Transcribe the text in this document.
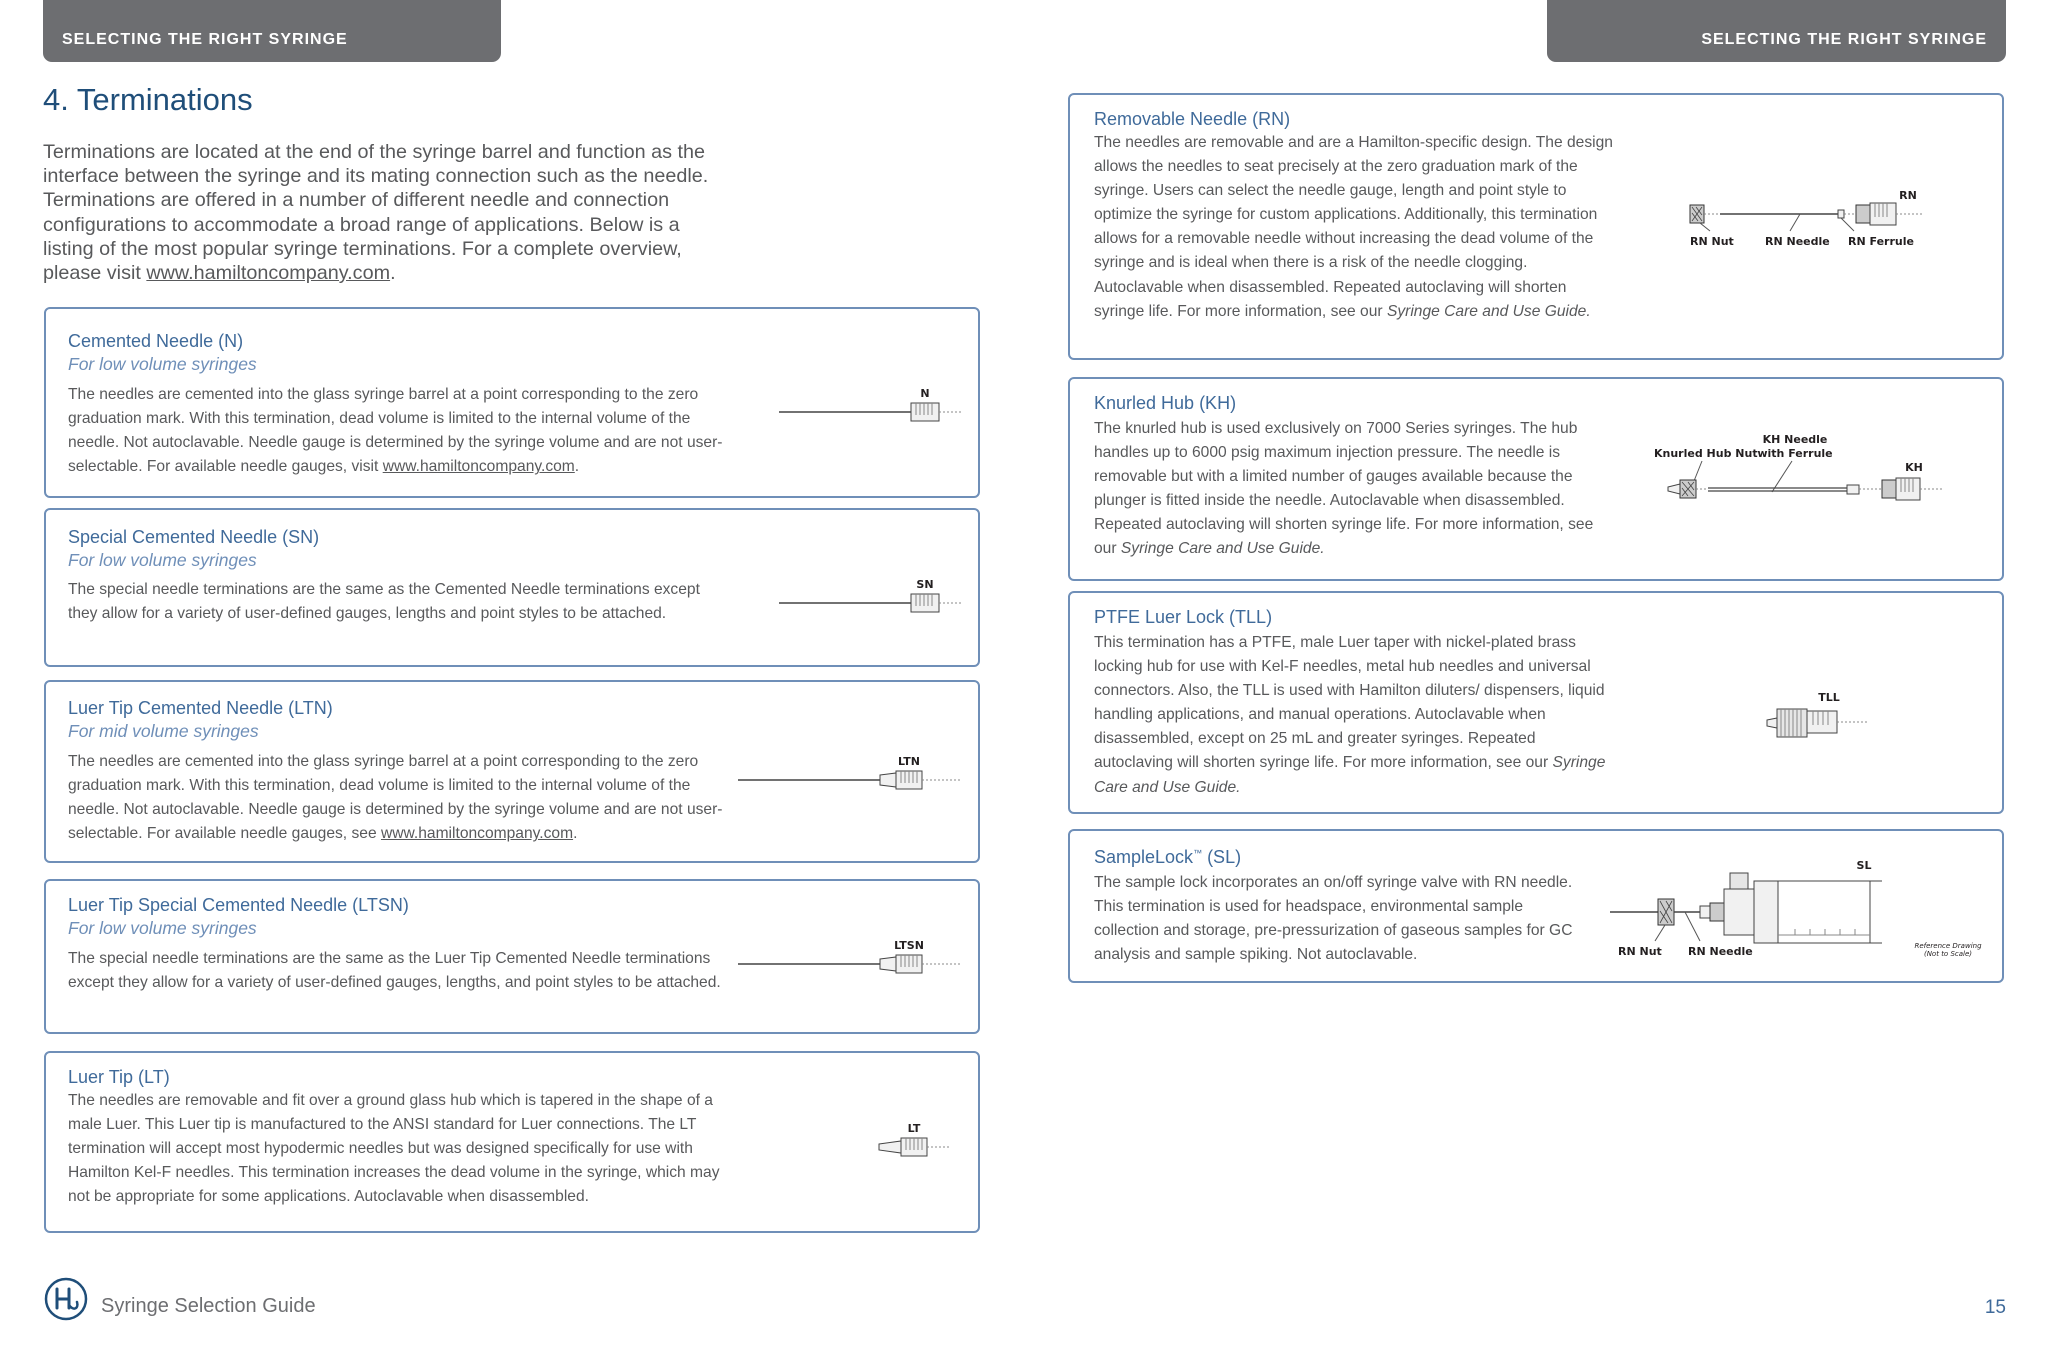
SELECTING THE RIGHT SYRINGE	SELECTING THE RIGHT SYRINGE
4. Terminations

Terminations are located at the end of the syringe barrel and function as the interface between the syringe and its mating connection such as the needle. Terminations are offered in a number of different needle and connection configurations to accommodate a broad range of applications. Below is a listing of the most popular syringe terminations. For a complete overview, please visit www.hamiltoncompany.com.

Cemented Needle (N)

For low volume syringes

The needles are cemented into the glass syringe barrel at a point corresponding to the zero graduation mark. With this termination, dead volume is limited to the internal volume of the needle. Not autoclavable. Needle gauge is determined by the syringe volume and are not user-selectable. For available needle gauges, visit www.hamiltoncompany.com.

N
Special Cemented Needle (SN)

For low volume syringes

The special needle terminations are the same as the Cemented Needle terminations except they allow for a variety of user-defined gauges, lengths and point styles to be attached.

SN
Luer Tip Cemented Needle (LTN)

For mid volume syringes

The needles are cemented into the glass syringe barrel at a point corresponding to the zero graduation mark. With this termination, dead volume is limited to the internal volume of the needle. Not autoclavable. Needle gauge is determined by the syringe volume and are not user-selectable. For available needle gauges, see www.hamiltoncompany.com.

LTN
Luer Tip Special Cemented Needle (LTSN)

For low volume syringes

The special needle terminations are the same as the Luer Tip Cemented Needle terminations except they allow for a variety of user-defined gauges, lengths, and point styles to be attached.

LTSN
Luer Tip (LT)

The needles are removable and fit over a ground glass hub which is tapered in the shape of a male Luer. This Luer tip is manufactured to the ANSI standard for Luer connections. The LT termination will accept most hypodermic needles but was designed specifically for use with Hamilton Kel-F needles. This termination increases the dead volume in the syringe, which may not be appropriate for some applications. Autoclavable when disassembled.

LT
Removable Needle (RN)

The needles are removable and are a Hamilton-specific design. The design allows the needles to seat precisely at the zero graduation mark of the syringe. Users can select the needle gauge, length and point style to optimize the syringe for custom applications. Additionally, this termination allows for a removable needle without increasing the dead volume of the syringe and is ideal when there is a risk of the needle clogging. Autoclavable when disassembled. Repeated autoclaving will shorten syringe life. For more information, see our Syringe Care and Use Guide.

RN
RN Nut	RN Needle RN Ferrule
Knurled Hub (KH)

The knurled hub is used exclusively on 7000 Series syringes. The hub handles up to 6000 psig maximum injection pressure. The needle is removable but with a limited number of gauges available because the plunger is fitted inside the needle. Autoclavable when disassembled. Repeated autoclaving will shorten syringe life. For more information, see our Syringe Care and Use Guide.

Knurled Hub Nut
KH Needle
with Ferrule
KH
PTFE Luer Lock (TLL)

This termination has a PTFE, male Luer taper with nickel-plated brass locking hub for use with Kel-F needles, metal hub needles and universal connectors. Also, the TLL is used with Hamilton diluters/ dispensers, liquid handling applications, and manual operations. Autoclavable when disassembled, except on 25 mL and greater syringes. Repeated autoclaving will shorten syringe life. For more information, see our Syringe Care and Use Guide.

TLL
SampleLock™ (SL)

The sample lock incorporates an on/off syringe valve with RN needle. This termination is used for headspace, environmental sample collection and storage, pre-pressurization of gaseous samples for GC analysis and sample spiking. Not autoclavable.

SL
RN Nut RN Needle	Reference Drawing
(Not to Scale)
Syringe Selection Guide	15
